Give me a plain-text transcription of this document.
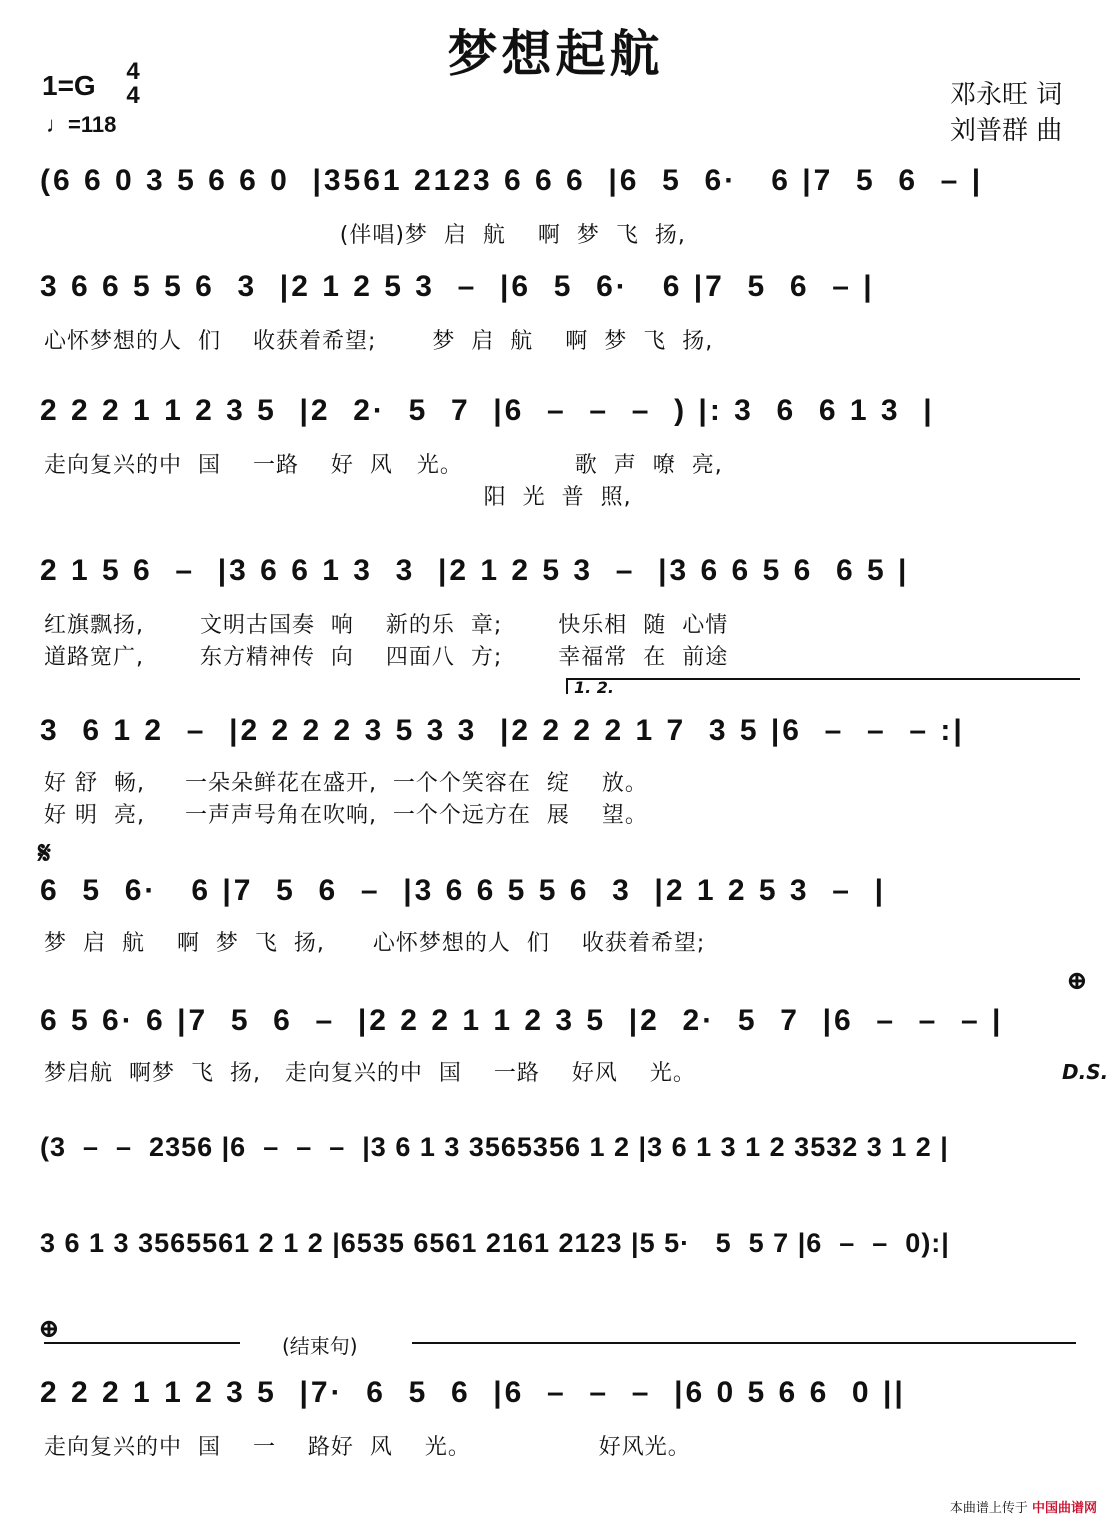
梦想起航
1=G 4
4
♩=118
邓永旺 词
刘普群 曲
(6 6 0 3 5 6 6 0  |3561 2123 6 6 6  |6  5  6·   6 |7  5  6  – |
(伴唱)梦  启  航    啊  梦  飞  扬,
3 6 6 5 5 6  3  |2 1 2 5 3  –  |6  5  6·   6 |7  5  6  – |
心怀梦想的人  们    收获着希望;       梦  启  航    啊  梦  飞  扬,
2 2 2 1 1 2 3 5  |2  2·  5  7  |6  –  –  –  ) |: 3  6  6 1 3  |
走向复兴的中  国    一路    好  风   光。              歌  声  嘹  亮,
阳  光  普  照,
2 1 5 6  –  |3 6 6 1 3  3  |2 1 2 5 3  –  |3 6 6 5 6  6 5 |
红旗飘扬,       文明古国奏  响    新的乐  章;       快乐相  随  心情
道路宽广,       东方精神传  向    四面八  方;       幸福常  在  前途
1. 2.
3  6 1 2  –  |2 2 2 2 3 5 3 3  |2 2 2 2 1 7  3 5 |6  –  –  – :|
好 舒  畅,     一朵朵鲜花在盛开,  一个个笑容在  绽    放。
好 明  亮,     一声声号角在吹响,  一个个远方在  展    望。
𝄋
6  5  6·   6 |7  5  6  –  |3 6 6 5 5 6  3  |2 1 2 5 3  –  |
梦  启  航    啊  梦  飞  扬,      心怀梦想的人  们    收获着希望;
⊕
6 5 6· 6 |7  5  6  –  |2 2 2 1 1 2 3 5  |2  2·  5  7  |6  –  –  – |
梦启航  啊梦  飞  扬,   走向复兴的中  国    一路    好风    光。	D.S.
(3  –  –  2356 |6  –  –  –  |3 6 1 3 3565356 1 2 |3 6 1 3 1 2 3532 3 1 2 |
3 6 1 3 3565561 2 1 2 |6535 6561 2161 2123 |5 5·   5  5 7 |6  –  –  0):|
⊕
(结束句)
2 2 2 1 1 2 3 5  |7·  6  5  6  |6  –  –  –  |6 0 5 6 6  0 ||
走向复兴的中  国    一    路好  风    光。                好风光。
本曲谱上传于 中国曲谱网
